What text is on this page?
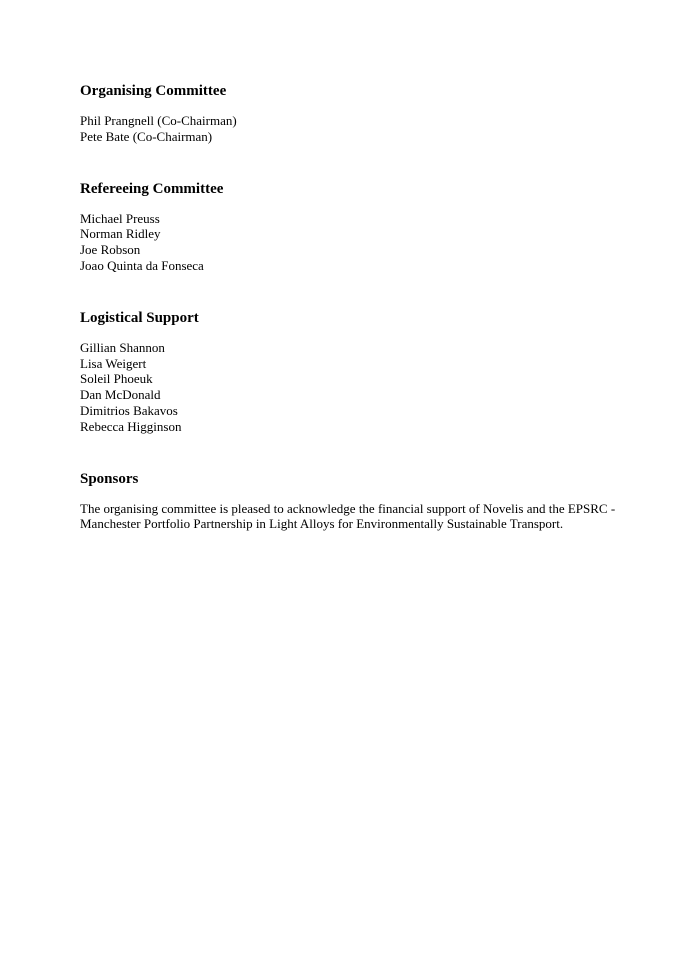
Organising Committee
Phil Prangnell (Co-Chairman)
Pete Bate (Co-Chairman)
Refereeing Committee
Michael Preuss
Norman Ridley
Joe Robson
Joao Quinta da Fonseca
Logistical Support
Gillian Shannon
Lisa Weigert
Soleil Phoeuk
Dan McDonald
Dimitrios Bakavos
Rebecca Higginson
Sponsors

The organising committee is pleased to acknowledge the financial support of Novelis and the EPSRC -Manchester Portfolio Partnership in Light Alloys for Environmentally Sustainable Transport.
